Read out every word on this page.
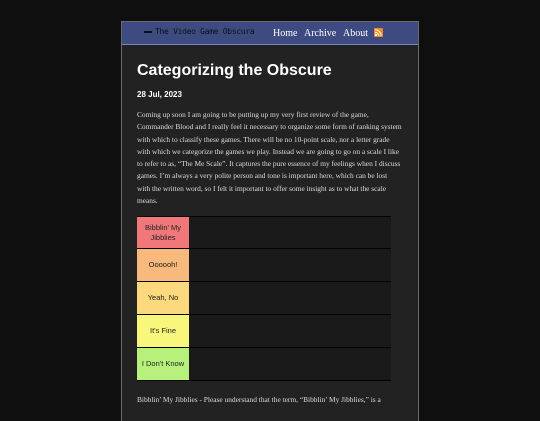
The Video Game Obscura Home Archive About
Categorizing the Obscure
28 Jul, 2023

Coming up soon I am going to be putting up my very first review of the game, Commander Blood and I really feel it necessary to organize some form of ranking system with which to classify these games. There will be no 10-point scale, nor a letter grade with which we categorize the games we play. Instead we are going to go on a scale I like to refer to as, “The Me Scale”. It captures the pure essence of my feelings when I discuss games. I’m always a very polite person and tone is important here, which can be lost with the written word, so I felt it important to offer some insight as to what the scale means.

Bibblin' My Jibblies
Oooooh!
Yeah, No
It's Fine
I Don't Know

Bibblin’ My Jibblies - Please understand that the term, “Bibblin’ My Jibblies,” is a
